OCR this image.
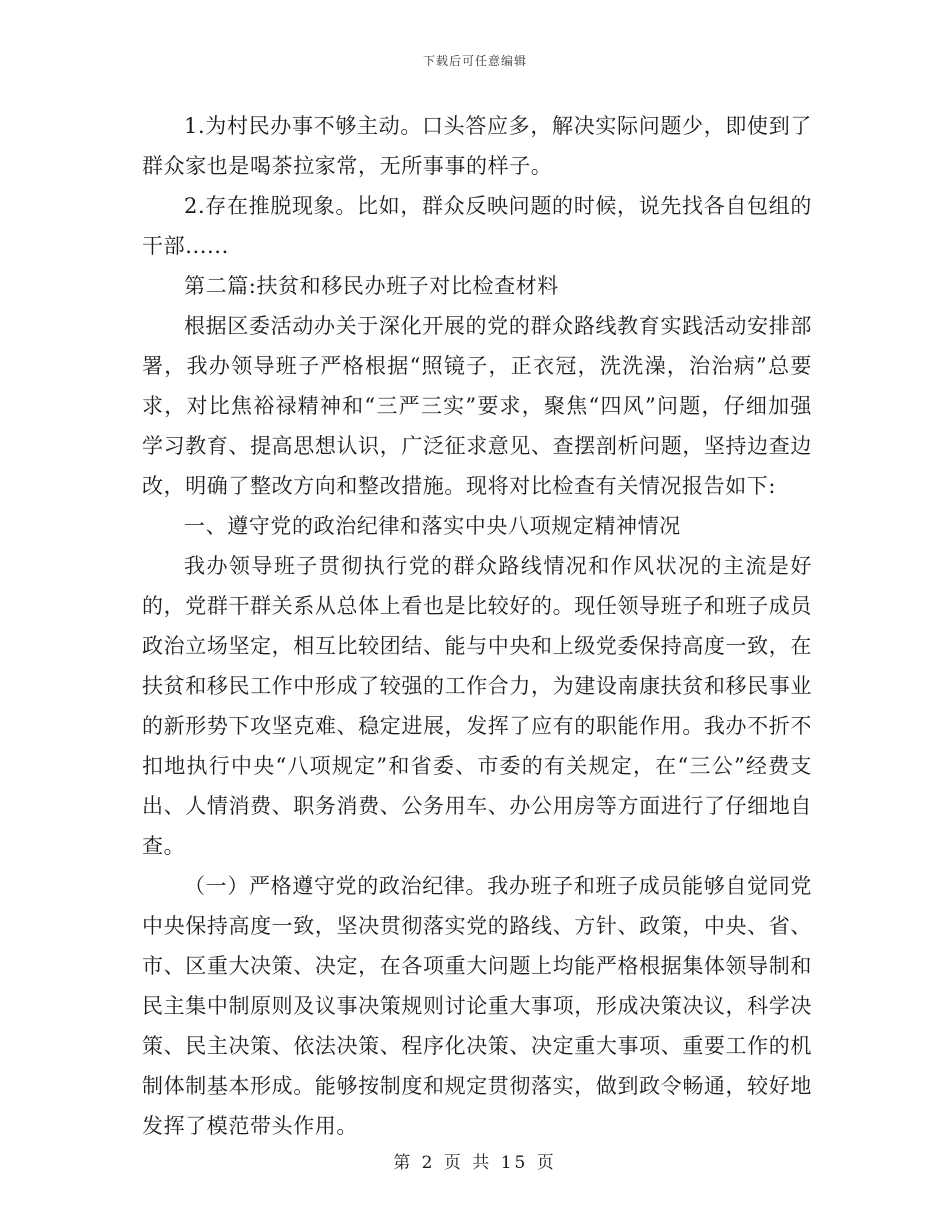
下载后可任意编辑

1.为村民办事不够主动。口头答应多，解决实际问题少，即使到了群众家也是喝茶拉家常，无所事事的样子。

2.存在推脱现象。比如，群众反映问题的时候，说先找各自包组的干部......

第二篇:扶贫和移民办班子对比检查材料

根据区委活动办关于深化开展的党的群众路线教育实践活动安排部署，我办领导班子严格根据“照镜子，正衣冠，洗洗澡，治治病”总要求，对比焦裕禄精神和“三严三实”要求，聚焦“四风”问题，仔细加强学习教育、提高思想认识，广泛征求意见、查摆剖析问题，坚持边查边改，明确了整改方向和整改措施。现将对比检查有关情况报告如下:

一、遵守党的政治纪律和落实中央八项规定精神情况

我办领导班子贯彻执行党的群众路线情况和作风状况的主流是好的，党群干群关系从总体上看也是比较好的。现任领导班子和班子成员政治立场坚定，相互比较团结、能与中央和上级党委保持高度一致，在扶贫和移民工作中形成了较强的工作合力，为建设南康扶贫和移民事业的新形势下攻坚克难、稳定进展，发挥了应有的职能作用。我办不折不扣地执行中央“八项规定”和省委、市委的有关规定，在“三公”经费支出、人情消费、职务消费、公务用车、办公用房等方面进行了仔细地自查。

（一）严格遵守党的政治纪律。我办班子和班子成员能够自觉同党中央保持高度一致，坚决贯彻落实党的路线、方针、政策，中央、省、市、区重大决策、决定，在各项重大问题上均能严格根据集体领导制和民主集中制原则及议事决策规则讨论重大事项，形成决策决议，科学决策、民主决策、依法决策、程序化决策、决定重大事项、重要工作的机制体制基本形成。能够按制度和规定贯彻落实，做到政令畅通，较好地发挥了模范带头作用。

第 2 页 共 15 页
